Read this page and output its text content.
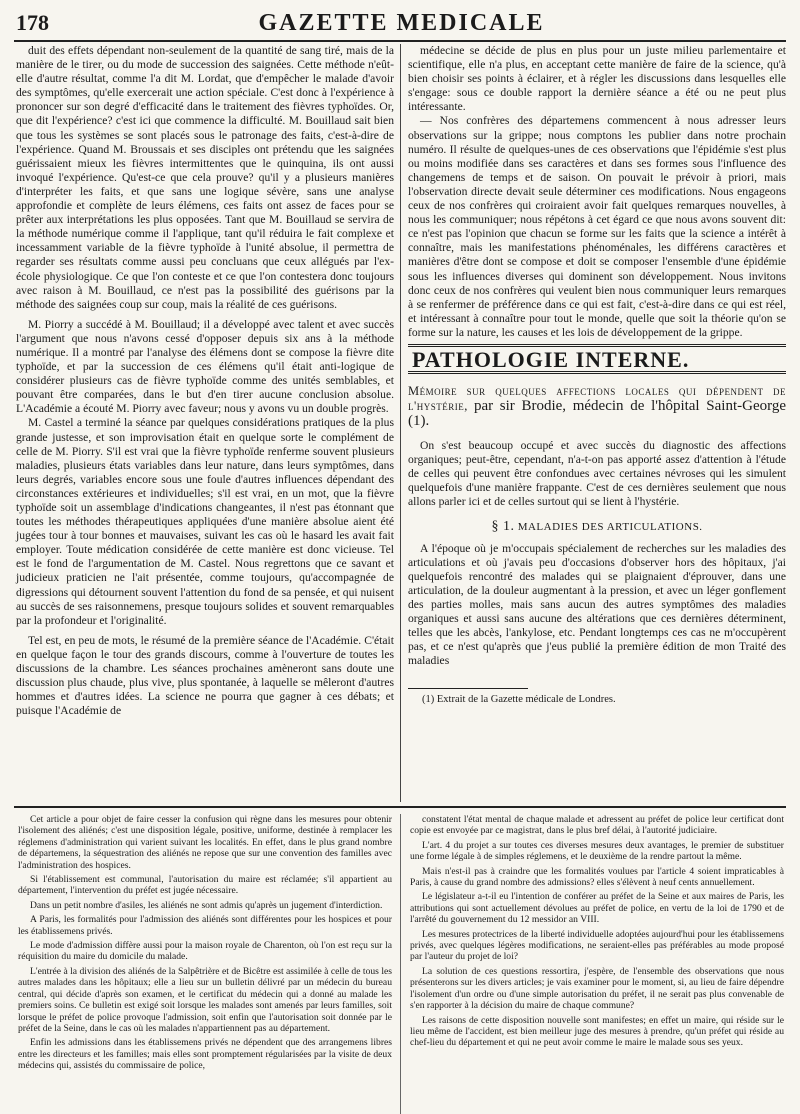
178	GAZETTE MEDICALE

duit des effets dépendant non-seulement de la quantité de sang tiré, mais de la manière de le tirer, ou du mode de succession des saignées. Cette méthode n'eût-elle d'autre résultat, comme l'a dit M. Lordat, que d'empêcher le malade d'avoir des symptômes, qu'elle exercerait une action spéciale. C'est donc à l'expérience à prononcer sur son degré d'efficacité dans le traitement des fièvres typhoïdes. Or, que dit l'expérience? c'est ici que commence la difficulté. M. Bouillaud sait bien que tous les systèmes se sont placés sous le patronage des faits, c'est-à-dire de l'expérience. Quand M. Broussais et ses disciples ont prétendu que les saignées guérissaient mieux les fièvres intermittentes que le quinquina, ils ont aussi invoqué l'expérience. Qu'est-ce que cela prouve? qu'il y a plusieurs manières d'interpréter les faits, et que sans une logique sévère, sans une analyse approfondie et complète de leurs élémens, ces faits ont assez de faces pour se prêter aux interprétations les plus opposées. Tant que M. Bouillaud se servira de la méthode numérique comme il l'applique, tant qu'il réduira le fait complexe et incessamment variable de la fièvre typhoïde à l'unité absolue, il permettra de regarder ses résultats comme aussi peu concluans que ceux allégués par l'ex-école physiologique. Ce que l'on conteste et ce que l'on contestera donc toujours avec raison à M. Bouillaud, ce n'est pas la possibilité des guérisons par la méthode des saignées coup sur coup, mais la réalité de ces guérisons.

M. Piorry a succédé à M. Bouillaud; il a développé avec talent et avec succès l'argument que nous n'avons cessé d'opposer depuis six ans à la méthode numérique. Il a montré par l'analyse des élémens dont se compose la fièvre dite typhoïde, et par la succession de ces élémens qu'il était anti-logique de considérer plusieurs cas de fièvre typhoïde comme des unités semblables, et pouvant être comparées, dans le but d'en tirer aucune conclusion absolue. L'Académie a écouté M. Piorry avec faveur; nous y avons vu un double progrès.

M. Castel a terminé la séance par quelques considérations pratiques de la plus grande justesse, et son improvisation était en quelque sorte le complément de celle de M. Piorry. S'il est vrai que la fièvre typhoïde renferme souvent plusieurs maladies, plusieurs états variables dans leur nature, dans leurs symptômes, dans leurs degrés, variables encore sous une foule d'autres influences dépendant des circonstances extérieures et individuelles; s'il est vrai, en un mot, que la fièvre typhoïde soit un assemblage d'indications changeantes, il n'est pas étonnant que toutes les méthodes thérapeutiques appliquées d'une manière absolue aient été jugées tour à tour bonnes et mauvaises, suivant les cas où le hasard les avait fait employer. Toute médication considérée de cette manière est donc vicieuse. Tel est le fond de l'argumentation de M. Castel. Nous regrettons que ce savant et judicieux praticien ne l'ait présentée, comme toujours, qu'accompagnée de digressions qui détournent souvent l'attention du fond de sa pensée, et qui nuisent au succès de ses raisonnemens, presque toujours solides et souvent remarquables par la profondeur et l'originalité.

Tel est, en peu de mots, le résumé de la première séance de l'Académie. C'était en quelque façon le tour des grands discours, comme à l'ouverture de toutes les discussions de la chambre. Les séances prochaines amèneront sans doute une discussion plus chaude, plus vive, plus spontanée, à laquelle se mêleront d'autres hommes et d'autres idées. La science ne pourra que gagner à ces débats; et puisque l'Académie de

médecine se décide de plus en plus pour un juste milieu parlementaire et scientifique, elle n'a plus, en acceptant cette manière de faire de la science, qu'à bien choisir ses points à éclairer, et à régler les discussions dans lesquelles elle s'engage: sous ce double rapport la dernière séance a été ou ne peut plus intéressante.

— Nos confrères des départemens commencent à nous adresser leurs observations sur la grippe; nous comptons les publier dans notre prochain numéro. Il résulte de quelques-unes de ces observations que l'épidémie s'est plus ou moins modifiée dans ses caractères et dans ses formes sous l'influence des changemens de temps et de saison. On pouvait le prévoir à priori, mais l'observation directe devait seule déterminer ces modifications. Nous engageons ceux de nos confrères qui croiraient avoir fait quelques remarques nouvelles, à nous les communiquer; nous répétons à cet égard ce que nous avons souvent dit: ce n'est pas l'opinion que chacun se forme sur les faits que la science a intérêt à connaître, mais les manifestations phénoménales, les différens caractères et manières d'être dont se compose et doit se composer l'ensemble d'une épidémie sous les influences diverses qui dominent son développement. Nous invitons donc ceux de nos confrères qui veulent bien nous communiquer leurs remarques à se renfermer de préférence dans ce qui est fait, c'est-à-dire dans ce qui est réel, et intéressant à connaître pour tout le monde, quelle que soit la théorie qu'on se forme sur la nature, les causes et les lois de développement de la grippe.

PATHOLOGIE INTERNE.
Mémoire sur quelques affections locales qui dépendent de l'hystérie, par sir Brodie, médecin de l'hôpital Saint-George (1).

On s'est beaucoup occupé et avec succès du diagnostic des affections organiques; peut-être, cependant, n'a-t-on pas apporté assez d'attention à l'étude de celles qui peuvent être confondues avec certaines névroses qui les simulent quelquefois d'une manière frappante. C'est de ces dernières seulement que nous allons parler ici et de celles surtout qui se lient à l'hystérie.

§ 1. MALADIES DES ARTICULATIONS.

A l'époque où je m'occupais spécialement de recherches sur les maladies des articulations et où j'avais peu d'occasions d'observer hors des hôpitaux, j'ai quelquefois rencontré des malades qui se plaignaient d'éprouver, dans une articulation, de la douleur augmentant à la pression, et avec un léger gonflement des parties molles, mais sans aucun des autres symptômes des maladies organiques et aussi sans aucune des altérations que ces dernières déterminent, telles que les abcès, l'ankylose, etc. Pendant longtemps ces cas ne m'occupèrent pas, et ce n'est qu'après que j'eus publié la première édition de mon Traité des maladies

(1) Extrait de la Gazette médicale de Londres.

Cet article a pour objet de faire cesser la confusion qui règne dans les mesures pour obtenir l'isolement des aliénés; c'est une disposition légale, positive, uniforme, destinée à remplacer les réglemens d'administration qui varient suivant les localités. En effet, dans le plus grand nombre de départemens, la séquestration des aliénés ne repose que sur une convention des familles avec l'administration des hospices.

Si l'établissement est communal, l'autorisation du maire est réclamée; s'il appartient au département, l'intervention du préfet est jugée nécessaire.

Dans un petit nombre d'asiles, les aliénés ne sont admis qu'après un jugement d'interdiction.

A Paris, les formalités pour l'admission des aliénés sont différentes pour les hospices et pour les établissemens privés.

Le mode d'admission diffère aussi pour la maison royale de Charenton, où l'on est reçu sur la réquisition du maire du domicile du malade.

L'entrée à la division des aliénés de la Salpêtrière et de Bicêtre est assimilée à celle de tous les autres malades dans les hôpitaux; elle a lieu sur un bulletin délivré par un médecin du bureau central, qui décide d'après son examen, et le certificat du médecin qui a donné au malade les premiers soins. Ce bulletin est exigé soit lorsque les malades sont amenés par leurs familles, soit lorsque le préfet de police provoque l'admission, soit enfin que l'autorisation soit donnée par le préfet de la Seine, dans le cas où les malades n'appartiennent pas au département.

Enfin les admissions dans les établissemens privés ne dépendent que des arrangemens libres entre les directeurs et les familles; mais elles sont promptement régularisées par la visite de deux médecins qui, assistés du commissaire de police,

constatent l'état mental de chaque malade et adressent au préfet de police leur certificat dont copie est envoyée par ce magistrat, dans le plus bref délai, à l'autorité judiciaire.

L'art. 4 du projet a sur toutes ces diverses mesures deux avantages, le premier de substituer une forme légale à de simples réglemens, et le deuxième de la rendre partout la même.

Mais n'est-il pas à craindre que les formalités voulues par l'article 4 soient impraticables à Paris, à cause du grand nombre des admissions? elles s'élèvent à neuf cents annuellement.

Le législateur a-t-il eu l'intention de conférer au préfet de la Seine et aux maires de Paris, les attributions qui sont actuellement dévolues au préfet de police, en vertu de la loi de 1790 et de l'arrêté du gouvernement du 12 messidor an VIII.

Les mesures protectrices de la liberté individuelle adoptées aujourd'hui pour les établissemens privés, avec quelques légères modifications, ne seraient-elles pas préférables au mode proposé par l'auteur du projet de loi?

La solution de ces questions ressortira, j'espère, de l'ensemble des observations que nous présenterons sur les divers articles; je vais examiner pour le moment, si, au lieu de faire dépendre l'isolement d'un ordre ou d'une simple autorisation du préfet, il ne serait pas plus convenable de s'en rapporter à la décision du maire de chaque commune?

Les raisons de cette disposition nouvelle sont manifestes; en effet un maire, qui réside sur le lieu même de l'accident, est bien meilleur juge des mesures à prendre, qu'un préfet qui réside au chef-lieu du département et qui ne peut avoir comme le maire le malade sous ses yeux.
